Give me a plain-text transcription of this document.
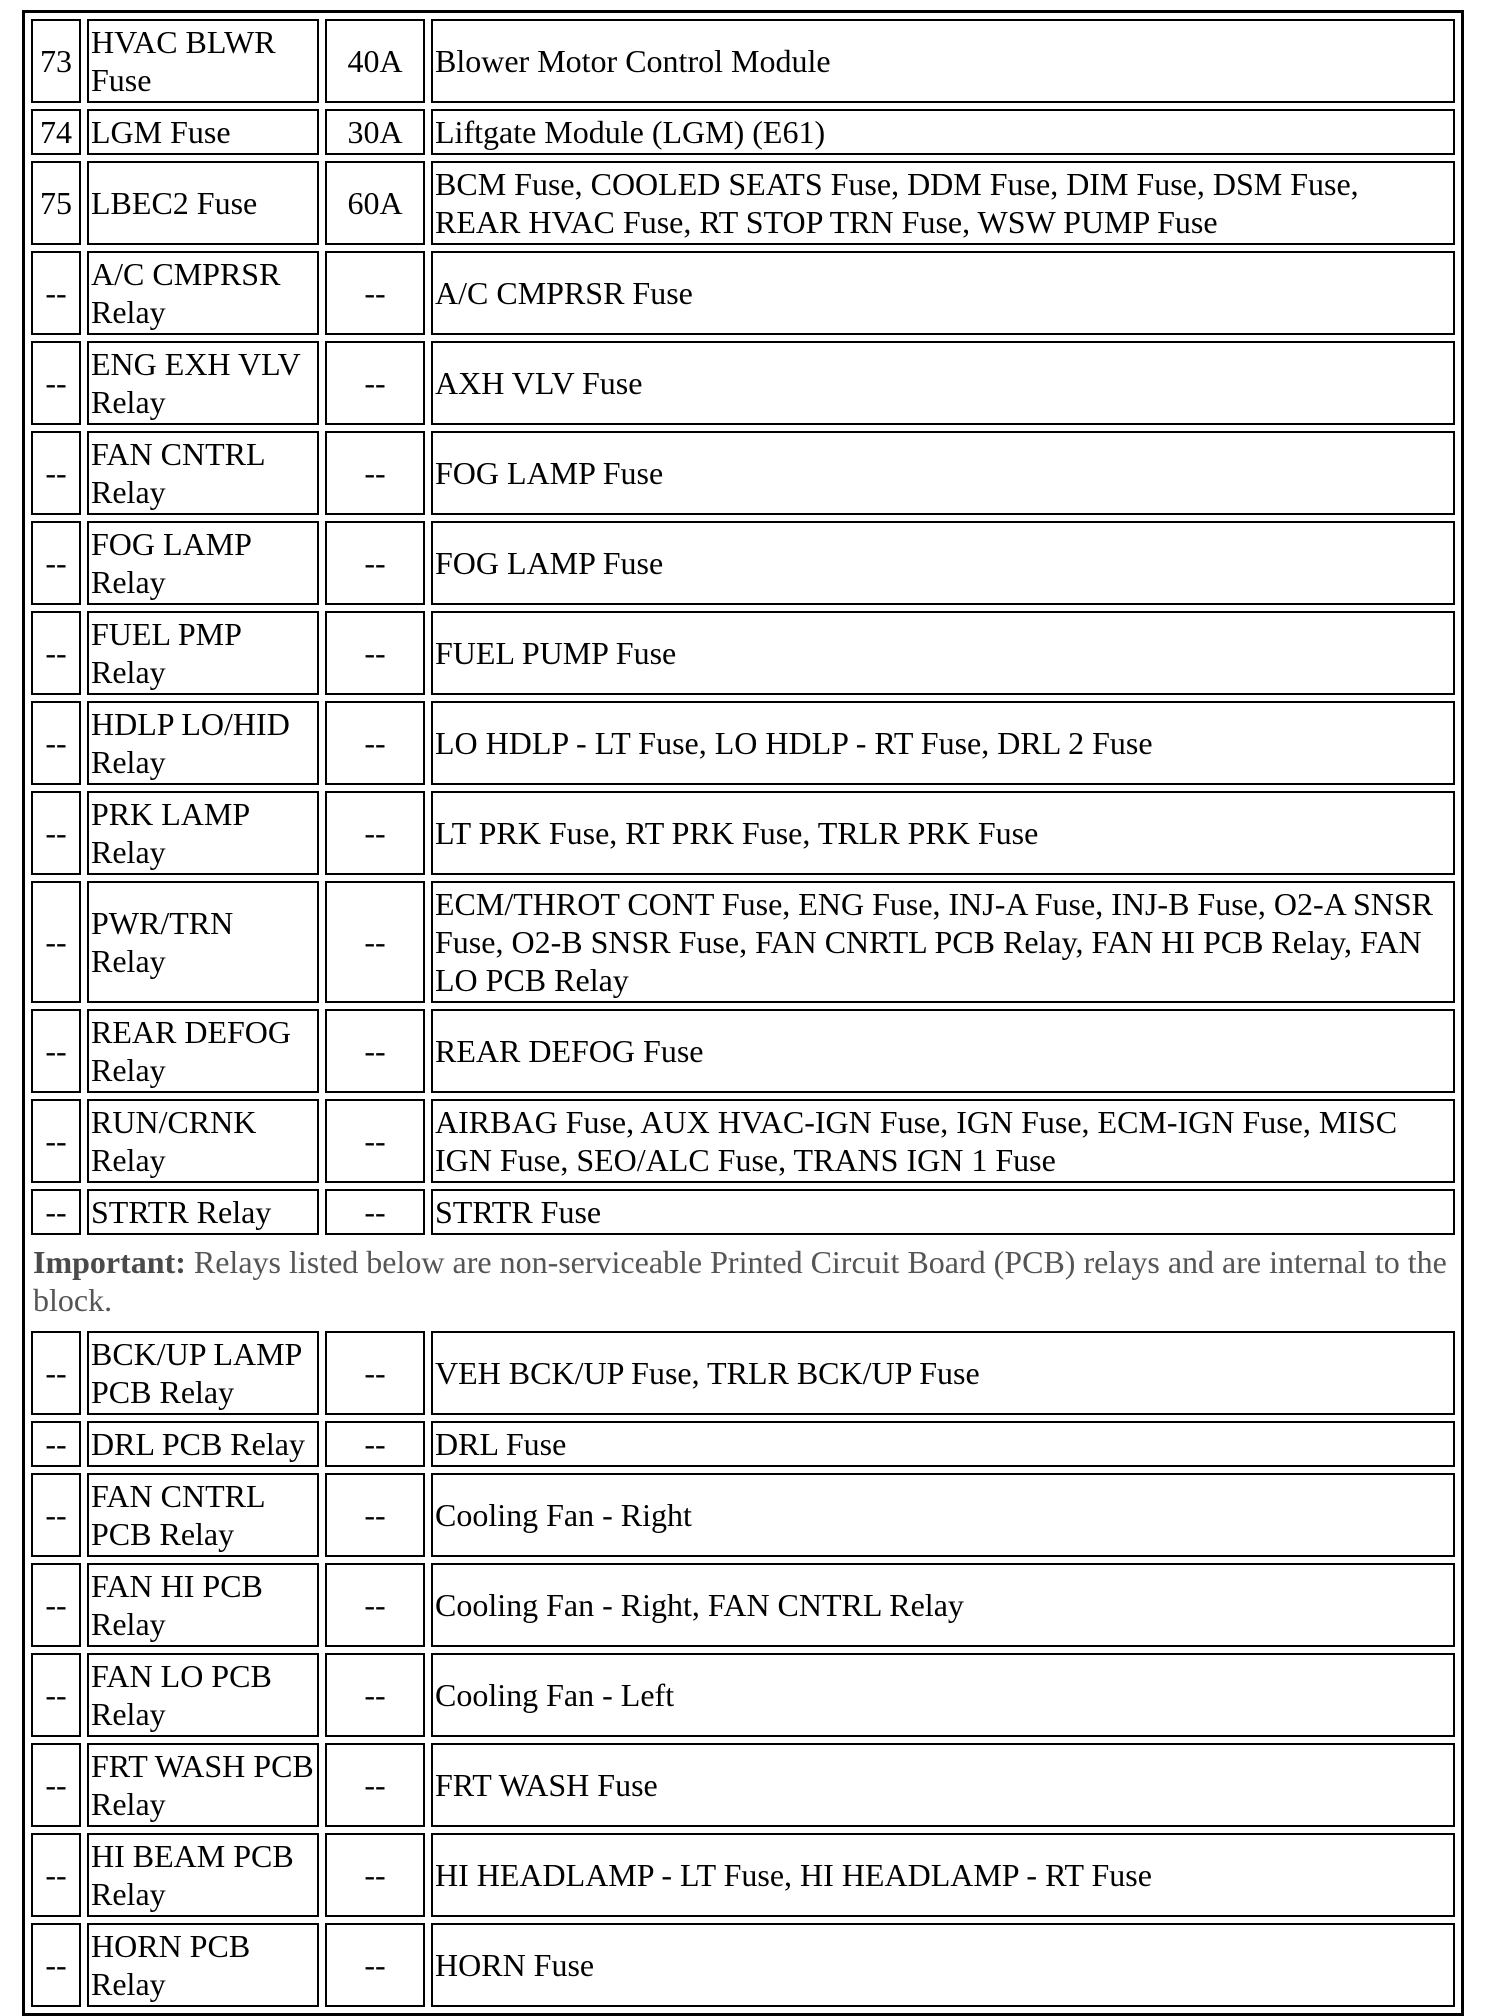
73	HVAC BLWR Fuse	40A	Blower Motor Control Module
74	LGM Fuse	30A	Liftgate Module (LGM) (E61)
75	LBEC2 Fuse	60A	BCM Fuse, COOLED SEATS Fuse, DDM Fuse, DIM Fuse, DSM Fuse, REAR HVAC Fuse, RT STOP TRN Fuse, WSW PUMP Fuse
--	A/C CMPRSR Relay	--	A/C CMPRSR Fuse
--	ENG EXH VLV Relay	--	AXH VLV Fuse
--	FAN CNTRL Relay	--	FOG LAMP Fuse
--	FOG LAMP Relay	--	FOG LAMP Fuse
--	FUEL PMP Relay	--	FUEL PUMP Fuse
--	HDLP LO/HID Relay	--	LO HDLP - LT Fuse, LO HDLP - RT Fuse, DRL 2 Fuse
--	PRK LAMP Relay	--	LT PRK Fuse, RT PRK Fuse, TRLR PRK Fuse
--	PWR/TRN Relay	--	ECM/THROT CONT Fuse, ENG Fuse, INJ-A Fuse, INJ-B Fuse, O2-A SNSR Fuse, O2-B SNSR Fuse, FAN CNRTL PCB Relay, FAN HI PCB Relay, FAN LO PCB Relay
--	REAR DEFOG Relay	--	REAR DEFOG Fuse
--	RUN/CRNK Relay	--	AIRBAG Fuse, AUX HVAC-IGN Fuse, IGN Fuse, ECM-IGN Fuse, MISC IGN Fuse, SEO/ALC Fuse, TRANS IGN 1 Fuse
--	STRTR Relay	--	STRTR Fuse
Important: Relays listed below are non-serviceable Printed Circuit Board (PCB) relays and are internal to the block.			
--	BCK/UP LAMP PCB Relay	--	VEH BCK/UP Fuse, TRLR BCK/UP Fuse
--	DRL PCB Relay	--	DRL Fuse
--	FAN CNTRL PCB Relay	--	Cooling Fan - Right
--	FAN HI PCB Relay	--	Cooling Fan - Right, FAN CNTRL Relay
--	FAN LO PCB Relay	--	Cooling Fan - Left
--	FRT WASH PCB Relay	--	FRT WASH Fuse
--	HI BEAM PCB Relay	--	HI HEADLAMP - LT Fuse, HI HEADLAMP - RT Fuse
--	HORN PCB Relay	--	HORN Fuse
